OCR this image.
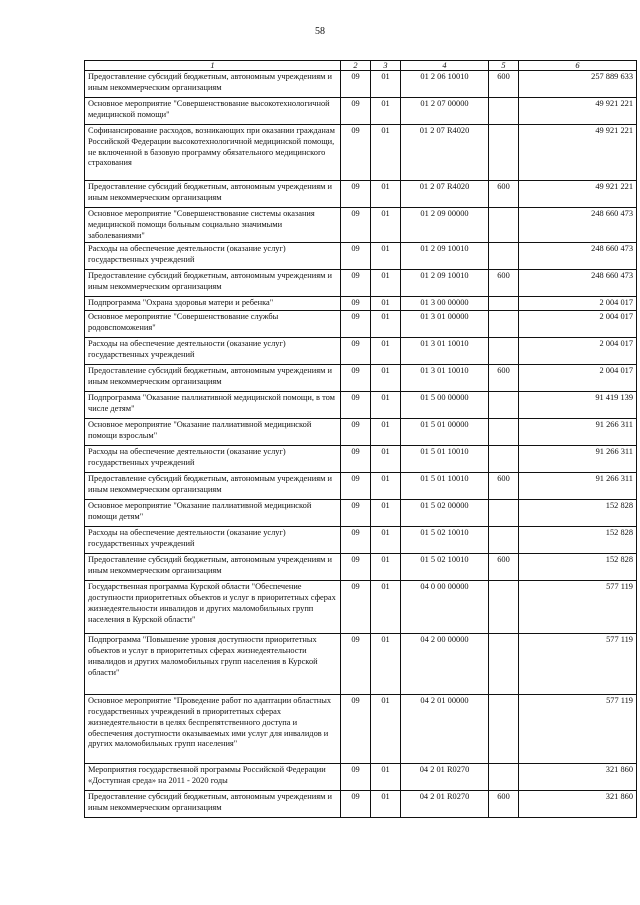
58
1	2	3	4	5	6
Предоставление субсидий бюджетным, автономным учреждениям и иным некоммерческим организациям	09	01	01 2 06 10010	600	257 889 633
Основное мероприятие "Совершенствование высокотехнологичной медицинской помощи"	09	01	01 2 07 00000		49 921 221
Софинансирование расходов, возникающих при оказании гражданам Российской Федерации высокотехнологичной медицинской помощи, не включенной в базовую программу обязательного медицинского страхования	09	01	01 2 07 R4020		49 921 221
Предоставление субсидий бюджетным, автономным учреждениям и иным некоммерческим организациям	09	01	01 2 07 R4020	600	49 921 221
Основное мероприятие "Совершенствование системы оказания медицинской помощи больным социально значимыми заболеваниями"	09	01	01 2 09 00000		248 660 473
Расходы на обеспечение деятельности (оказание услуг) государственных учреждений	09	01	01 2 09 10010		248 660 473
Предоставление субсидий бюджетным, автономным учреждениям и иным некоммерческим организациям	09	01	01 2 09 10010	600	248 660 473
Подпрограмма "Охрана здоровья матери и ребенка"	09	01	01 3 00 00000		2 004 017
Основное мероприятие "Совершенствование службы родовспоможения"	09	01	01 3 01 00000		2 004 017
Расходы на обеспечение деятельности (оказание услуг) государственных учреждений	09	01	01 3 01 10010		2 004 017
Предоставление субсидий бюджетным, автономным учреждениям и иным некоммерческим организациям	09	01	01 3 01 10010	600	2 004 017
Подпрограмма "Оказание паллиативной медицинской помощи, в том числе детям"	09	01	01 5 00 00000		91 419 139
Основное мероприятие "Оказание паллиативной медицинской помощи взрослым"	09	01	01 5 01 00000		91 266 311
Расходы на обеспечение деятельности (оказание услуг) государственных учреждений	09	01	01 5 01 10010		91 266 311
Предоставление субсидий бюджетным, автономным учреждениям и иным некоммерческим организациям	09	01	01 5 01 10010	600	91 266 311
Основное мероприятие "Оказание паллиативной медицинской помощи детям"	09	01	01 5 02 00000		152 828
Расходы на обеспечение деятельности (оказание услуг) государственных учреждений	09	01	01 5 02 10010		152 828
Предоставление субсидий бюджетным, автономным учреждениям и иным некоммерческим организациям	09	01	01 5 02 10010	600	152 828
Государственная программа Курской области "Обеспечение доступности приоритетных объектов и услуг в приоритетных сферах жизнедеятельности инвалидов и других маломобильных групп населения в Курской области"	09	01	04 0 00 00000		577 119
Подпрограмма "Повышение уровня доступности приоритетных объектов и услуг в приоритетных сферах жизнедеятельности инвалидов и других маломобильных групп населения в Курской области"	09	01	04 2 00 00000		577 119
Основное мероприятие "Проведение работ по адаптации областных государственных учреждений в приоритетных сферах жизнедеятельности в целях беспрепятственного доступа и обеспечения доступности оказываемых ими услуг для инвалидов и других маломобильных групп населения"	09	01	04 2 01 00000		577 119
Мероприятия государственной программы Российской Федерации «Доступная среда» на 2011 - 2020 годы	09	01	04 2 01 R0270		321 860
Предоставление субсидий бюджетным, автономным учреждениям и иным некоммерческим организациям	09	01	04 2 01 R0270	600	321 860
